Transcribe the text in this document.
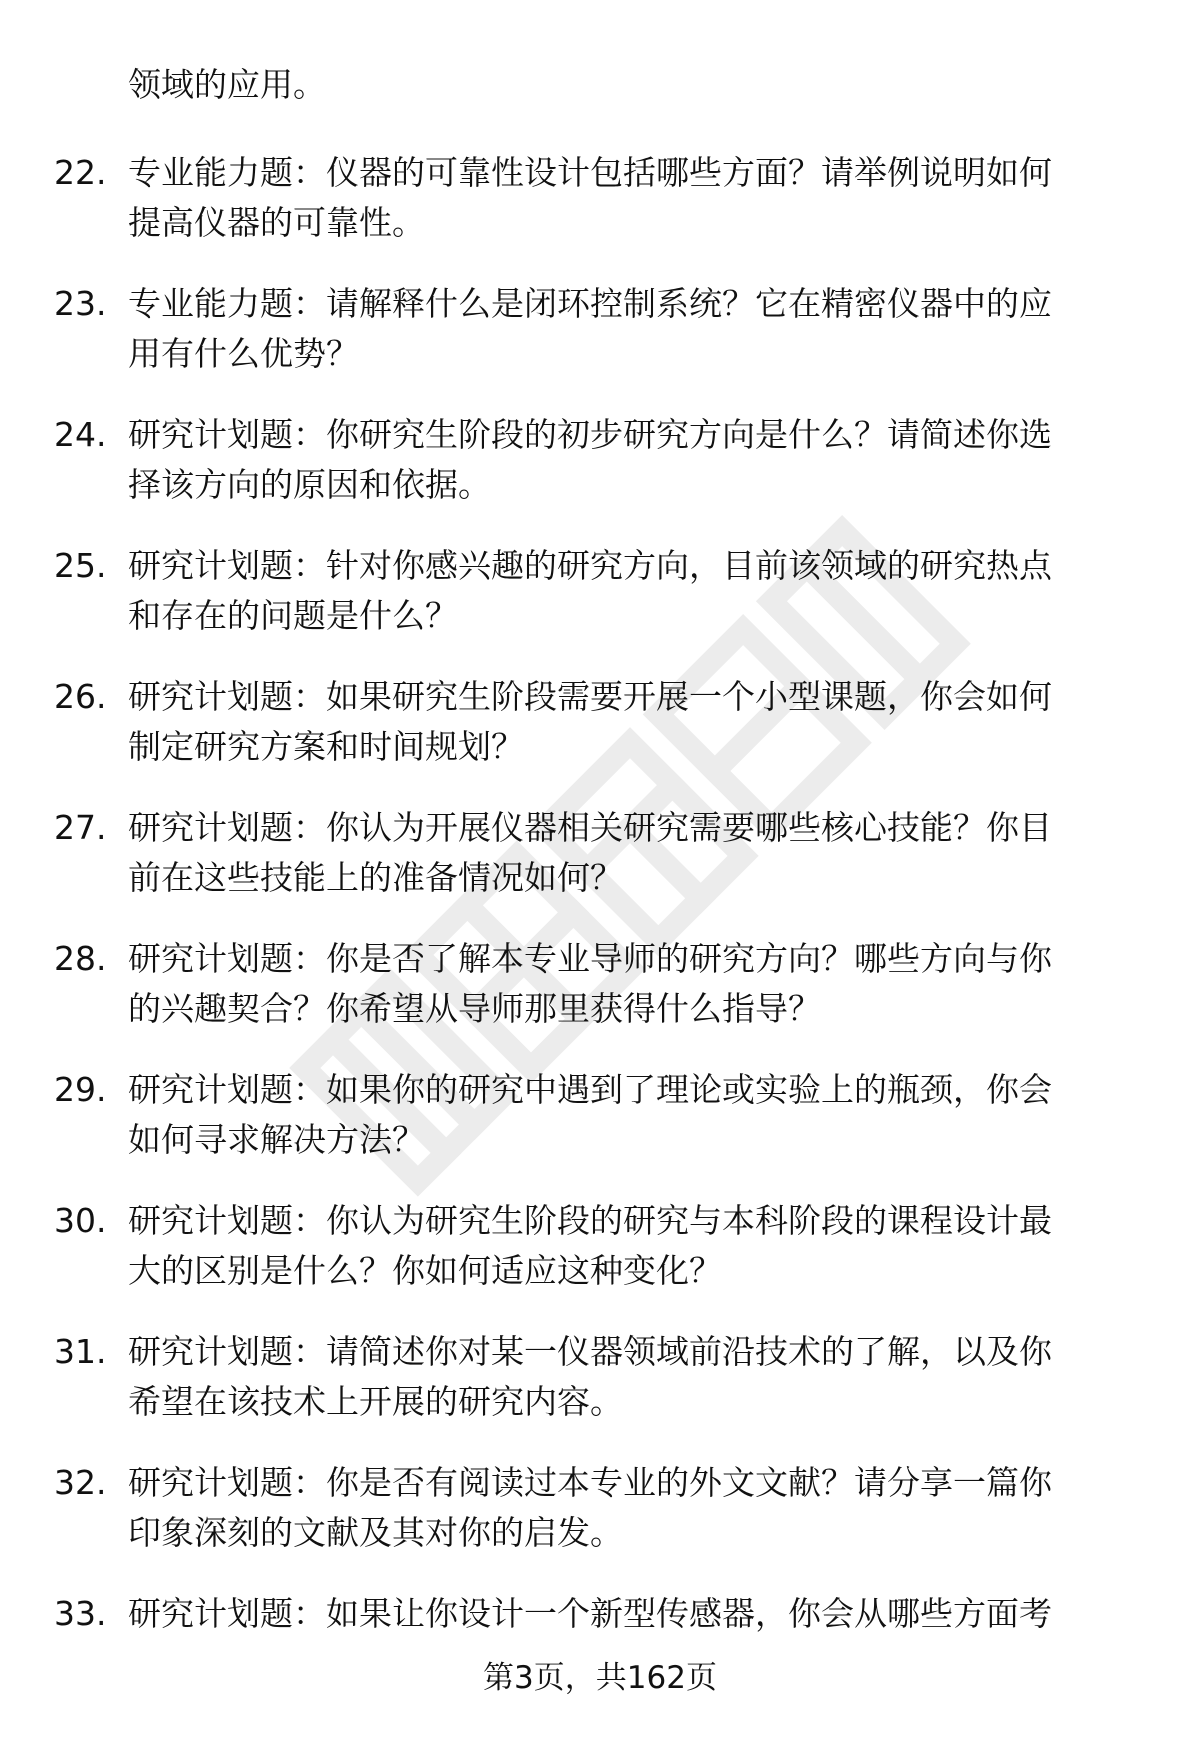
领域的应用。
22. 专业能力题：仪器的可靠性设计包括哪些方面？请举例说明如何
提高仪器的可靠性。
23. 专业能力题：请解释什么是闭环控制系统？它在精密仪器中的应
用有什么优势？
24. 研究计划题：你研究生阶段的初步研究方向是什么？请简述你选
择该方向的原因和依据。
25. 研究计划题：针对你感兴趣的研究方向，目前该领域的研究热点
和存在的问题是什么？
26. 研究计划题：如果研究生阶段需要开展一个小型课题，你会如何
制定研究方案和时间规划？
27. 研究计划题：你认为开展仪器相关研究需要哪些核心技能？你目
前在这些技能上的准备情况如何？
28. 研究计划题：你是否了解本专业导师的研究方向？哪些方向与你
的兴趣契合？你希望从导师那里获得什么指导？
29. 研究计划题：如果你的研究中遇到了理论或实验上的瓶颈，你会
如何寻求解决方法？
30. 研究计划题：你认为研究生阶段的研究与本科阶段的课程设计最
大的区别是什么？你如何适应这种变化？
31. 研究计划题：请简述你对某一仪器领域前沿技术的了解，以及你
希望在该技术上开展的研究内容。
32. 研究计划题：你是否有阅读过本专业的外文文献？请分享一篇你
印象深刻的文献及其对你的启发。
33. 研究计划题：如果让你设计一个新型传感器，你会从哪些方面考
第3页，共162页
